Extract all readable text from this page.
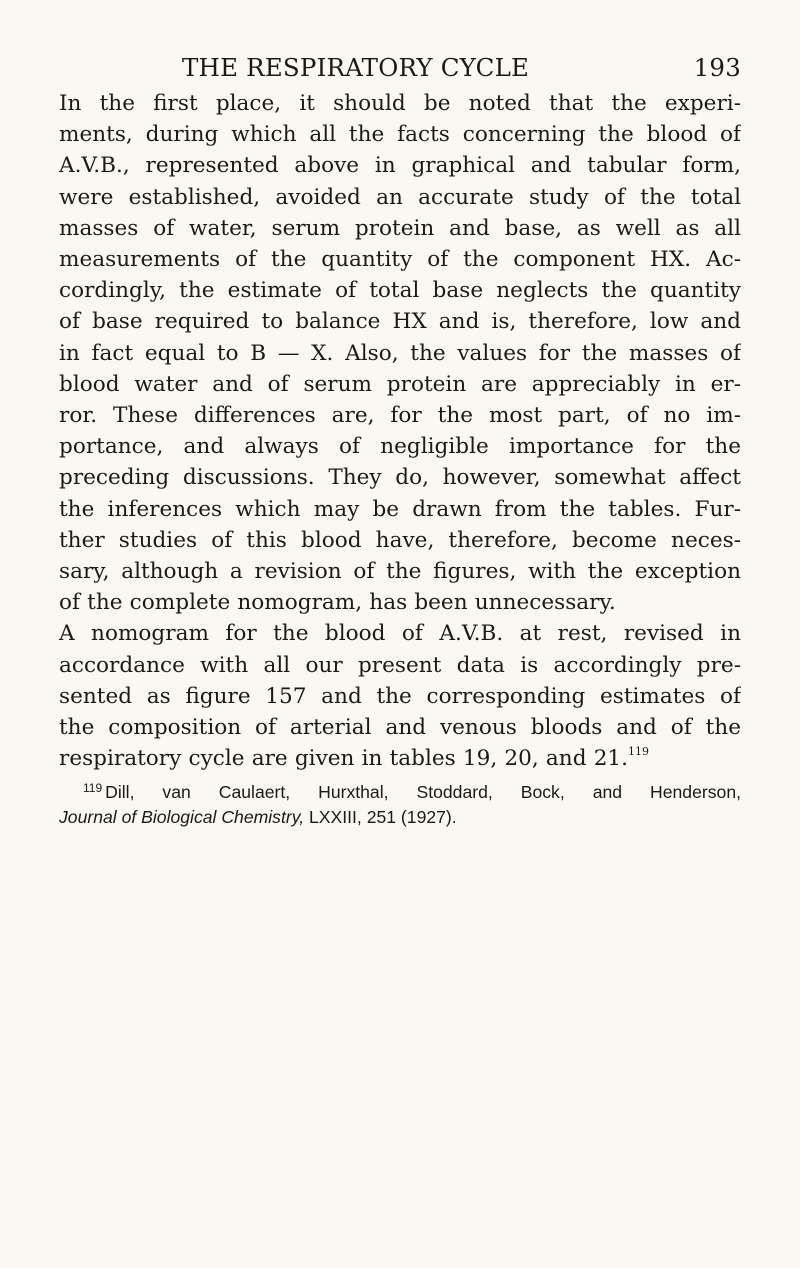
THE RESPIRATORY CYCLE	193
In the first place, it should be noted that the experi-
ments, during which all the facts concerning the blood of
A.V.B., represented above in graphical and tabular form,
were established, avoided an accurate study of the total
masses of water, serum protein and base, as well as all
measurements of the quantity of the component HX. Ac-
cordingly, the estimate of total base neglects the quantity
of base required to balance HX and is, therefore, low and
in fact equal to B — X. Also, the values for the masses of
blood water and of serum protein are appreciably in er-
ror. These differences are, for the most part, of no im-
portance, and always of negligible importance for the
preceding discussions. They do, however, somewhat affect
the inferences which may be drawn from the tables. Fur-
ther studies of this blood have, therefore, become neces-
sary, although a revision of the figures, with the exception
of the complete nomogram, has been unnecessary.
A nomogram for the blood of A.V.B. at rest, revised in
accordance with all our present data is accordingly pre-
sented as figure 157 and the corresponding estimates of
the composition of arterial and venous bloods and of the
respiratory cycle are given in tables 19, 20, and 21.$^{119}$
$^{119}$ Dill, van Caulaert, Hurxthal, Stoddard, Bock, and Henderson,
Journal of Biological Chemistry, LXXIII, 251 (1927).
